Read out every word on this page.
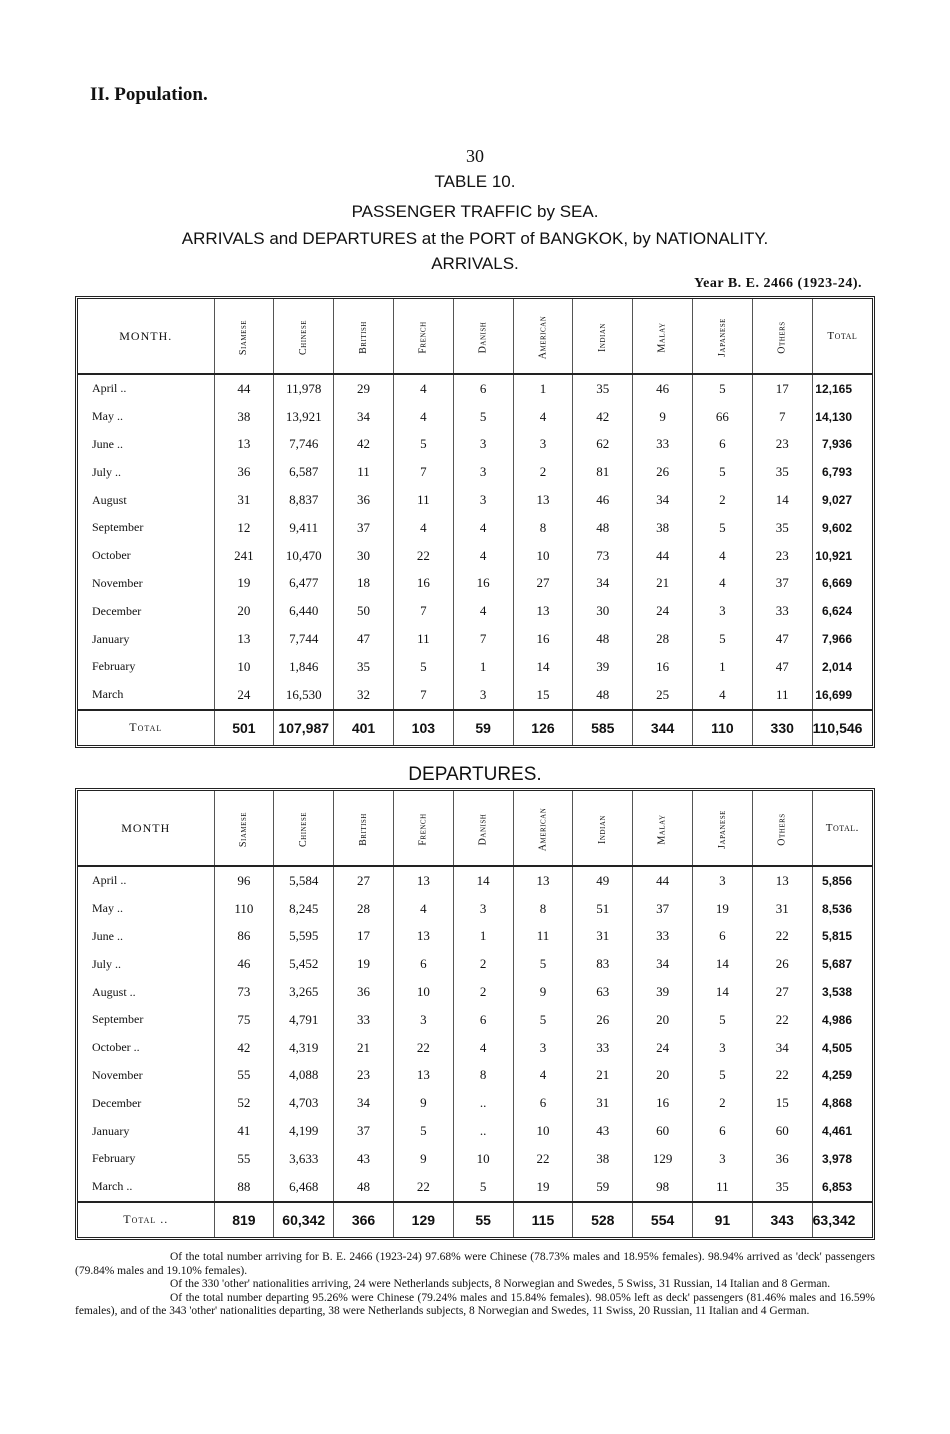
II. Population.
30
TABLE 10.
PASSENGER TRAFFIC by SEA.
ARRIVALS and DEPARTURES at the PORT of BANGKOK, by NATIONALITY.
ARRIVALS.
Year B. E. 2466 (1923-24).
MONTH.	Siamese	Chinese	British	French	Danish	American	Indian	Malay	Japanese	Others	Total
April ..	44	11,978	29	4	6	1	35	46	5	17	12,165
May ..	38	13,921	34	4	5	4	42	9	66	7	14,130
June ..	13	7,746	42	5	3	3	62	33	6	23	7,936
July ..	36	6,587	11	7	3	2	81	26	5	35	6,793
August	31	8,837	36	11	3	13	46	34	2	14	9,027
September	12	9,411	37	4	4	8	48	38	5	35	9,602
October	241	10,470	30	22	4	10	73	44	4	23	10,921
November	19	6,477	18	16	16	27	34	21	4	37	6,669
December	20	6,440	50	7	4	13	30	24	3	33	6,624
January	13	7,744	47	11	7	16	48	28	5	47	7,966
February	10	1,846	35	5	1	14	39	16	1	47	2,014
March	24	16,530	32	7	3	15	48	25	4	11	16,699
Total	501	107,987	401	103	59	126	585	344	110	330	110,546
DEPARTURES.
MONTH	Siamese	Chinese	British	French	Danish	American	Indian	Malay	Japanese	Others	Total.
April ..	96	5,584	27	13	14	13	49	44	3	13	5,856
May ..	110	8,245	28	4	3	8	51	37	19	31	8,536
June ..	86	5,595	17	13	1	11	31	33	6	22	5,815
July ..	46	5,452	19	6	2	5	83	34	14	26	5,687
August ..	73	3,265	36	10	2	9	63	39	14	27	3,538
September	75	4,791	33	3	6	5	26	20	5	22	4,986
October ..	42	4,319	21	22	4	3	33	24	3	34	4,505
November	55	4,088	23	13	8	4	21	20	5	22	4,259
December	52	4,703	34	9	..	6	31	16	2	15	4,868
January	41	4,199	37	5	..	10	43	60	6	60	4,461
February	55	3,633	43	9	10	22	38	129	3	36	3,978
March ..	88	6,468	48	22	5	19	59	98	11	35	6,853
Total ..	819	60,342	366	129	55	115	528	554	91	343	63,342

Of the total number arriving for B. E. 2466 (1923-24) 97.68% were Chinese (78.73% males and 18.95% females). 98.94% arrived as 'deck' passengers (79.84% males and 19.10% females).

Of the 330 'other' nationalities arriving, 24 were Netherlands subjects, 8 Norwegian and Swedes, 5 Swiss, 31 Russian, 14 Italian and 8 German.

Of the total number departing 95.26% were Chinese (79.24% males and 15.84% females). 98.05% left as deck' passengers (81.46% males and 16.59% females), and of the 343 'other' nationalities departing, 38 were Netherlands subjects, 8 Norwegian and Swedes, 11 Swiss, 20 Russian, 11 Italian and 4 German.
